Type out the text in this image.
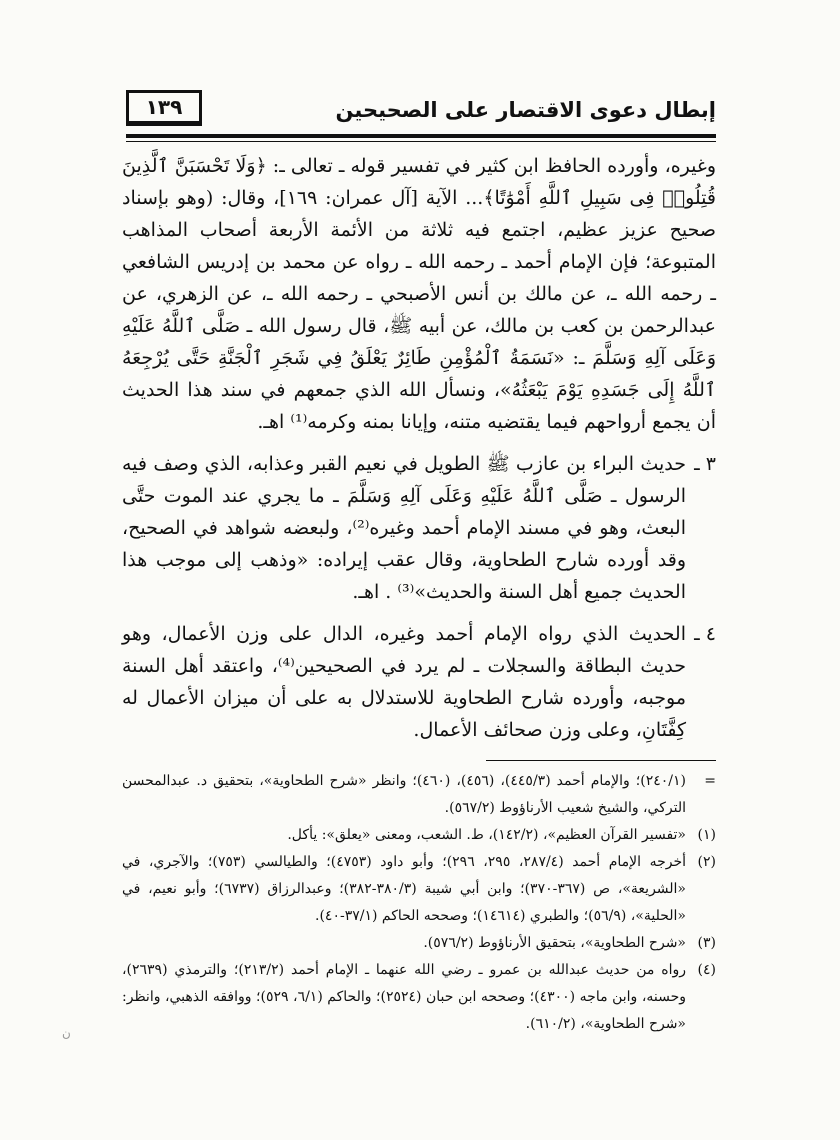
إبطال دعوى الاقتصار على الصحيحين
١٣٩

وغيره، وأورده الحافظ ابن كثير في تفسير قوله ـ تعالى ـ: ﴿وَلَا تَحْسَبَنَّ ٱلَّذِينَ قُتِلُوا۟ فِى سَبِيلِ ٱللَّهِ أَمْوَٰتًا﴾... الآية [آل عمران: ١٦٩]، وقال: (وهو بإسناد صحيح عزيز عظيم، اجتمع فيه ثلاثة من الأئمة الأربعة أصحاب المذاهب المتبوعة؛ فإن الإمام أحمد ـ رحمه الله ـ رواه عن محمد بن إدريس الشافعي ـ رحمه الله ـ، عن مالك بن أنس الأصبحي ـ رحمه الله ـ، عن الزهري، عن عبدالرحمن بن كعب بن مالك، عن أبيه ﷺ، قال رسول الله ـ صَلَّى ٱللَّهُ عَلَيْهِ وَعَلَى آلِهِ وَسَلَّمَ ـ: «نَسَمَةُ ٱلْمُؤْمِنِ طَائِرٌ يَعْلَقُ فِي شَجَرِ ٱلْجَنَّةِ حَتَّى يُرْجِعَهُ ٱللَّهُ إِلَى جَسَدِهِ يَوْمَ يَبْعَثُهُ»، ونسأل الله الذي جمعهم في سند هذا الحديث أن يجمع أرواحهم فيما يقتضيه متنه، وإيانا بمنه وكرمه⁽¹⁾ اهـ.

٣ ـ
حديث البراء بن عازب ﷺ الطويل في نعيم القبر وعذابه، الذي وصف فيه الرسول ـ صَلَّى ٱللَّهُ عَلَيْهِ وَعَلَى آلِهِ وَسَلَّمَ ـ ما يجري عند الموت حتَّى البعث، وهو في مسند الإمام أحمد وغيره⁽²⁾، ولبعضه شواهد في الصحيح، وقد أورده شارح الطحاوية، وقال عقب إيراده: «وذهب إلى موجب هذا الحديث جميع أهل السنة والحديث»⁽³⁾ . اهـ.

٤ ـ
الحديث الذي رواه الإمام أحمد وغيره، الدال على وزن الأعمال، وهو حديث البطاقة والسجلات ـ لم يرد في الصحيحين⁽⁴⁾، واعتقد أهل السنة موجبه، وأورده شارح الطحاوية للاستدلال به على أن ميزان الأعمال له كِفَّتَانِ، وعلى وزن صحائف الأعمال.

=
(٢٤٠/١)؛ والإمام أحمد (٤٤٥/٣)، (٤٥٦)، (٤٦٠)؛ وانظر «شرح الطحاوية»، بتحقيق د. عبدالمحسن التركي، والشيخ شعيب الأرناؤوط (٥٦٧/٢).

(١)
«تفسير القرآن العظيم»، (١٤٢/٢)، ط. الشعب، ومعنى «يعلق»: يأكل.

(٢)
أخرجه الإمام أحمد (٢٨٧/٤، ٢٩٥، ٢٩٦)؛ وأبو داود (٤٧٥٣)؛ والطيالسي (٧٥٣)؛ والآجري، في «الشريعة»، ص (٣٦٧-٣٧٠)؛ وابن أبي شيبة (٣٨٠/٣-٣٨٢)؛ وعبدالرزاق (٦٧٣٧)؛ وأبو نعيم، في «الحلية»، (٥٦/٩)؛ والطبري (١٤٦١٤)؛ وصححه الحاكم (٣٧/١-٤٠).

(٣)
«شرح الطحاوية»، بتحقيق الأرناؤوط (٥٧٦/٢).

(٤)
رواه من حديث عبدالله بن عمرو ـ رضي الله عنهما ـ الإمام أحمد (٢١٣/٢)؛ والترمذي (٢٦٣٩)، وحسنه، وابن ماجه (٤٣٠٠)؛ وصححه ابن حبان (٢٥٢٤)؛ والحاكم (٦/١، ٥٢٩)؛ ووافقه الذهبي، وانظر: «شرح الطحاوية»، (٦١٠/٢).

ن
